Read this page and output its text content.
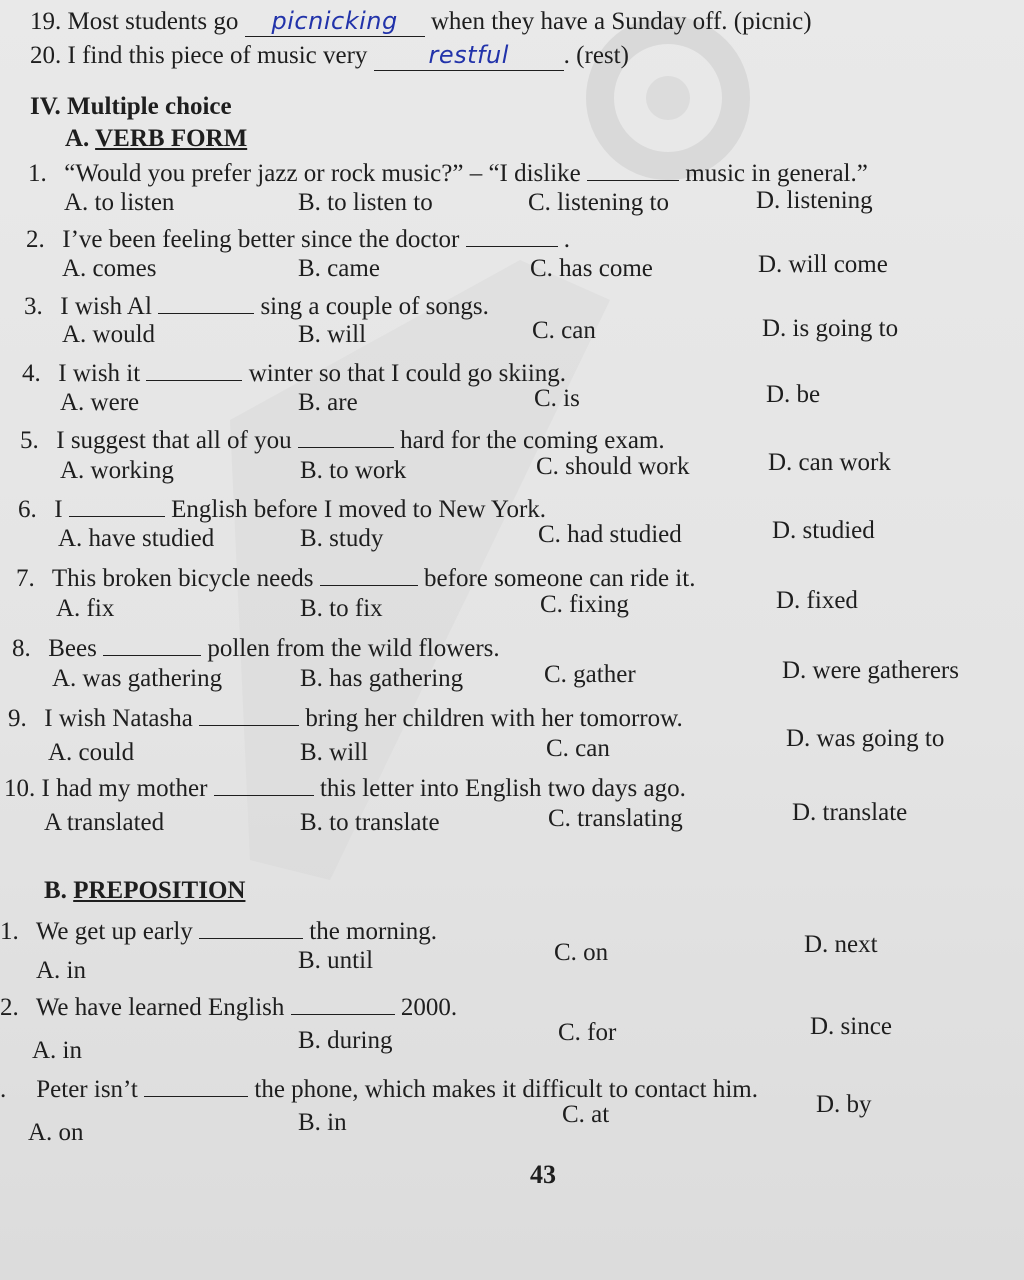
19. Most students go picnicking when they have a Sunday off. (picnic)
20. I find this piece of music very	restful . (rest)
IV. Multiple choice
A. VERB FORM
1. “Would you prefer jazz or rock music?” – “I dislike	music in general.”
A. to listen	B. to listen to	C. listening to	D. listening
2. I’ve been feeling better since the doctor	.
A. comes	B. came	C. has come	D. will come
3. I wish Al	sing a couple of songs.
A. would	B. will	C. can	D. is going to
4. I wish it	winter so that I could go skiing.
A. were	B. are	C. is	D. be
5. I suggest that all of you	hard for the coming exam.
A. working	B. to work	C. should work	D. can work
6. I	English before I moved to New York.
A. have studied	B. study	C. had studied	D. studied
7. This broken bicycle needs	before someone can ride it.
A. fix	B. to fix	C. fixing	D. fixed
8. Bees	pollen from the wild flowers.
A. was gathering	B. has gathering	C. gather	D. were gatherers
9. I wish Natasha	bring her children with her tomorrow.
A. could	B. will	C. can	D. was going to
10. I had my mother	this letter into English two days ago.
A translated	B. to translate	C. translating	D. translate
B. PREPOSITION
1. We get up early	the morning.
A. in	B. until	C. on	D. next
2. We have learned English	2000.
A. in	B. during	C. for	D. since
. Peter isn’t	the phone, which makes it difficult to contact him.
A. on	B. in	C. at	D. by
43
